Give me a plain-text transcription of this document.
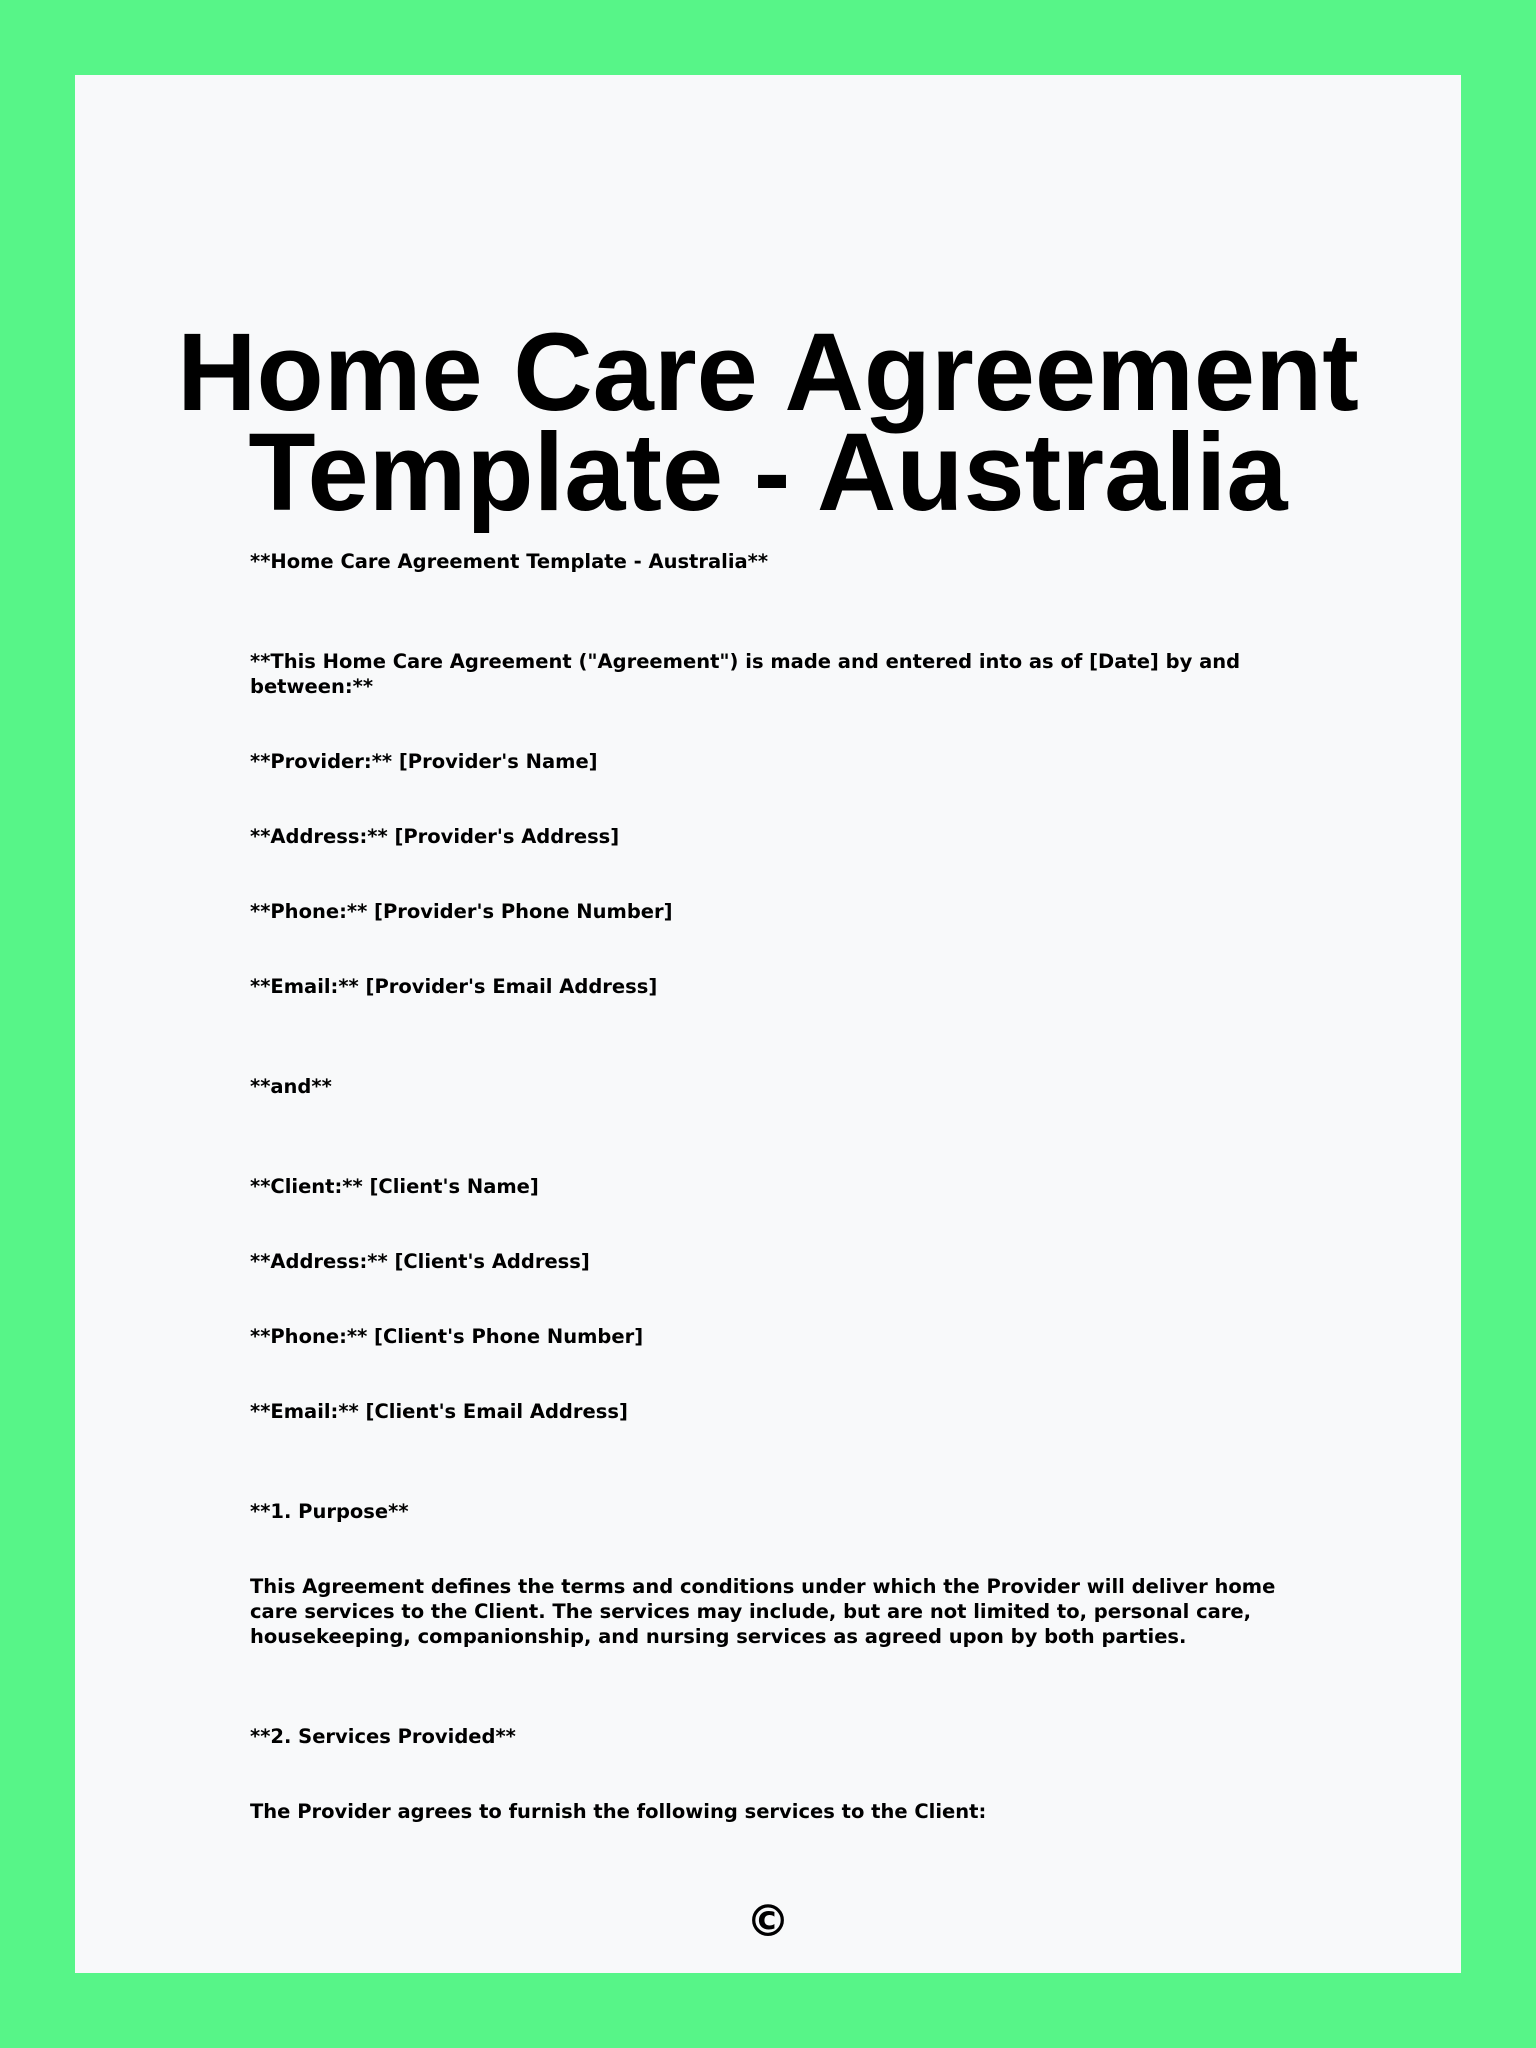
Home Care Agreement
Template - Australia

**Home Care Agreement Template - Australia**

**This Home Care Agreement ("Agreement") is made and entered into as of [Date] by and between:**

**Provider:** [Provider's Name]

**Address:** [Provider's Address]

**Phone:** [Provider's Phone Number]

**Email:** [Provider's Email Address]

**and**

**Client:** [Client's Name]

**Address:** [Client's Address]

**Phone:** [Client's Phone Number]

**Email:** [Client's Email Address]

**1. Purpose**

This Agreement defines the terms and conditions under which the Provider will deliver home care services to the Client. The services may include, but are not limited to, personal care, housekeeping, companionship, and nursing services as agreed upon by both parties.

**2. Services Provided**

The Provider agrees to furnish the following services to the Client:

©
